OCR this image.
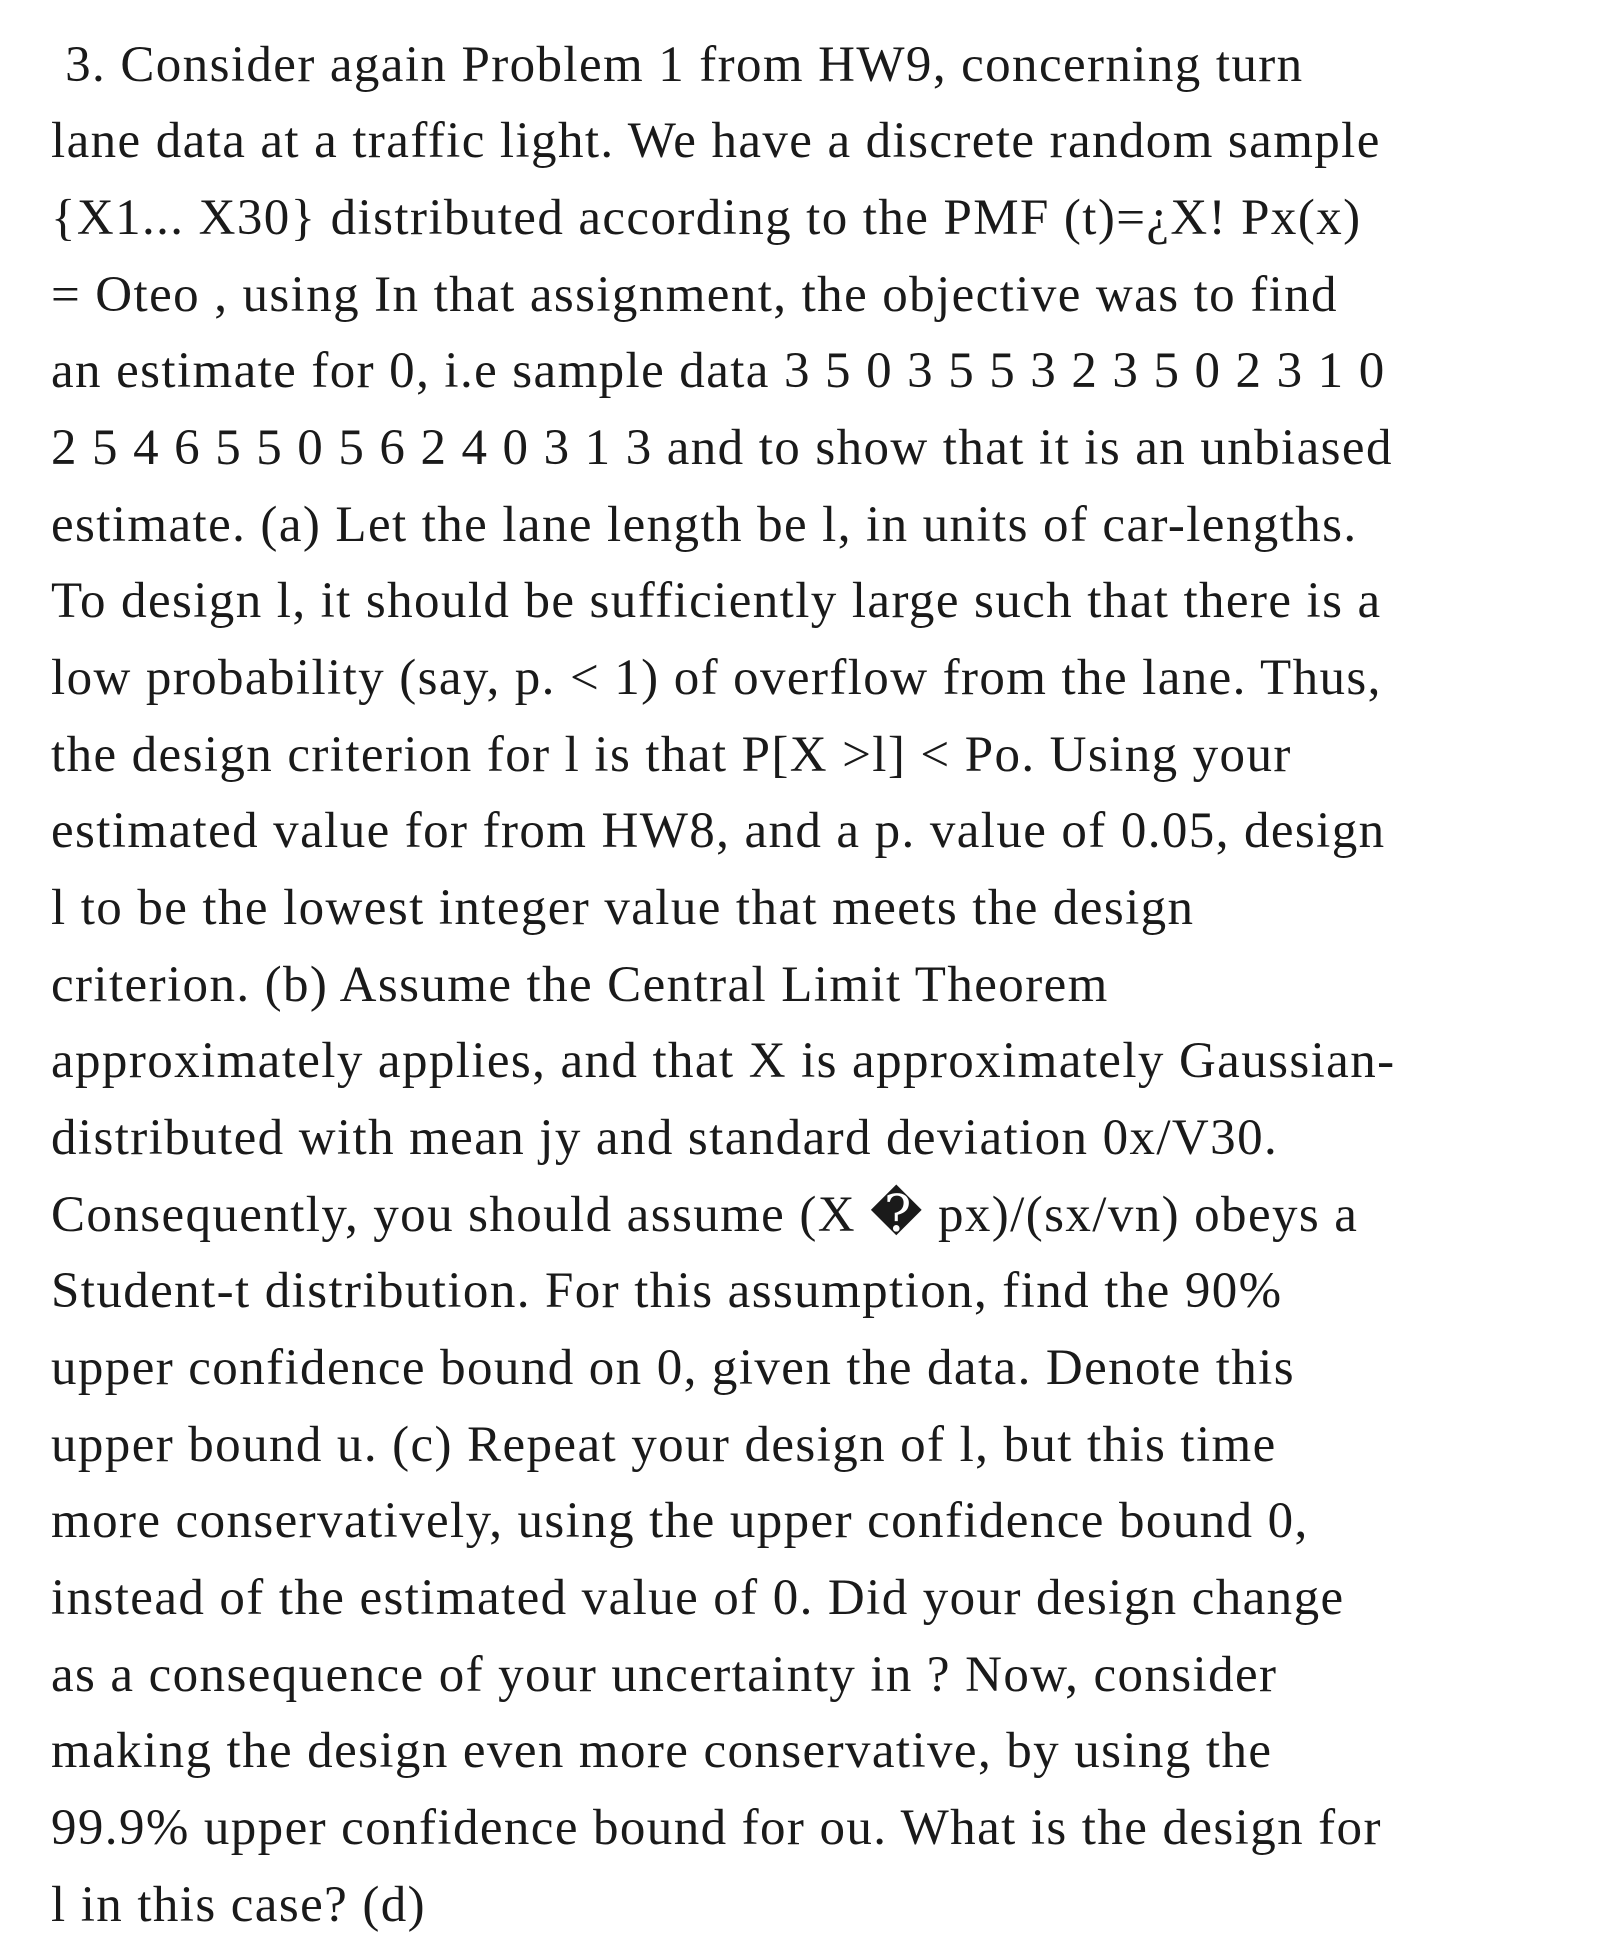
3. Consider again Problem 1 from HW9, concerning turn
lane data at a traffic light. We have a discrete random sample
{X1... X30} distributed according to the PMF (t)=¿X! Px(x)
= Oteo , using In that assignment, the objective was to find
an estimate for 0, i.e sample data 3 5 0 3 5 5 3 2 3 5 0 2 3 1 0
2 5 4 6 5 5 0 5 6 2 4 0 3 1 3 and to show that it is an unbiased
estimate. (a) Let the lane length be l, in units of car-lengths.
To design l, it should be sufficiently large such that there is a
low probability (say, p. < 1) of overflow from the lane. Thus,
the design criterion for l is that P[X >l] < Po. Using your
estimated value for from HW8, and a p. value of 0.05, design
l to be the lowest integer value that meets the design
criterion. (b) Assume the Central Limit Theorem
approximately applies, and that X is approximately Gaussian-
distributed with mean jy and standard deviation 0x/V30.
Consequently, you should assume (X � px)/(sx/vn) obeys a
Student-t distribution. For this assumption, find the 90%
upper confidence bound on 0, given the data. Denote this
upper bound u. (c) Repeat your design of l, but this time
more conservatively, using the upper confidence bound 0,
instead of the estimated value of 0. Did your design change
as a consequence of your uncertainty in ? Now, consider
making the design even more conservative, by using the
99.9% upper confidence bound for ou. What is the design for
l in this case? (d)
